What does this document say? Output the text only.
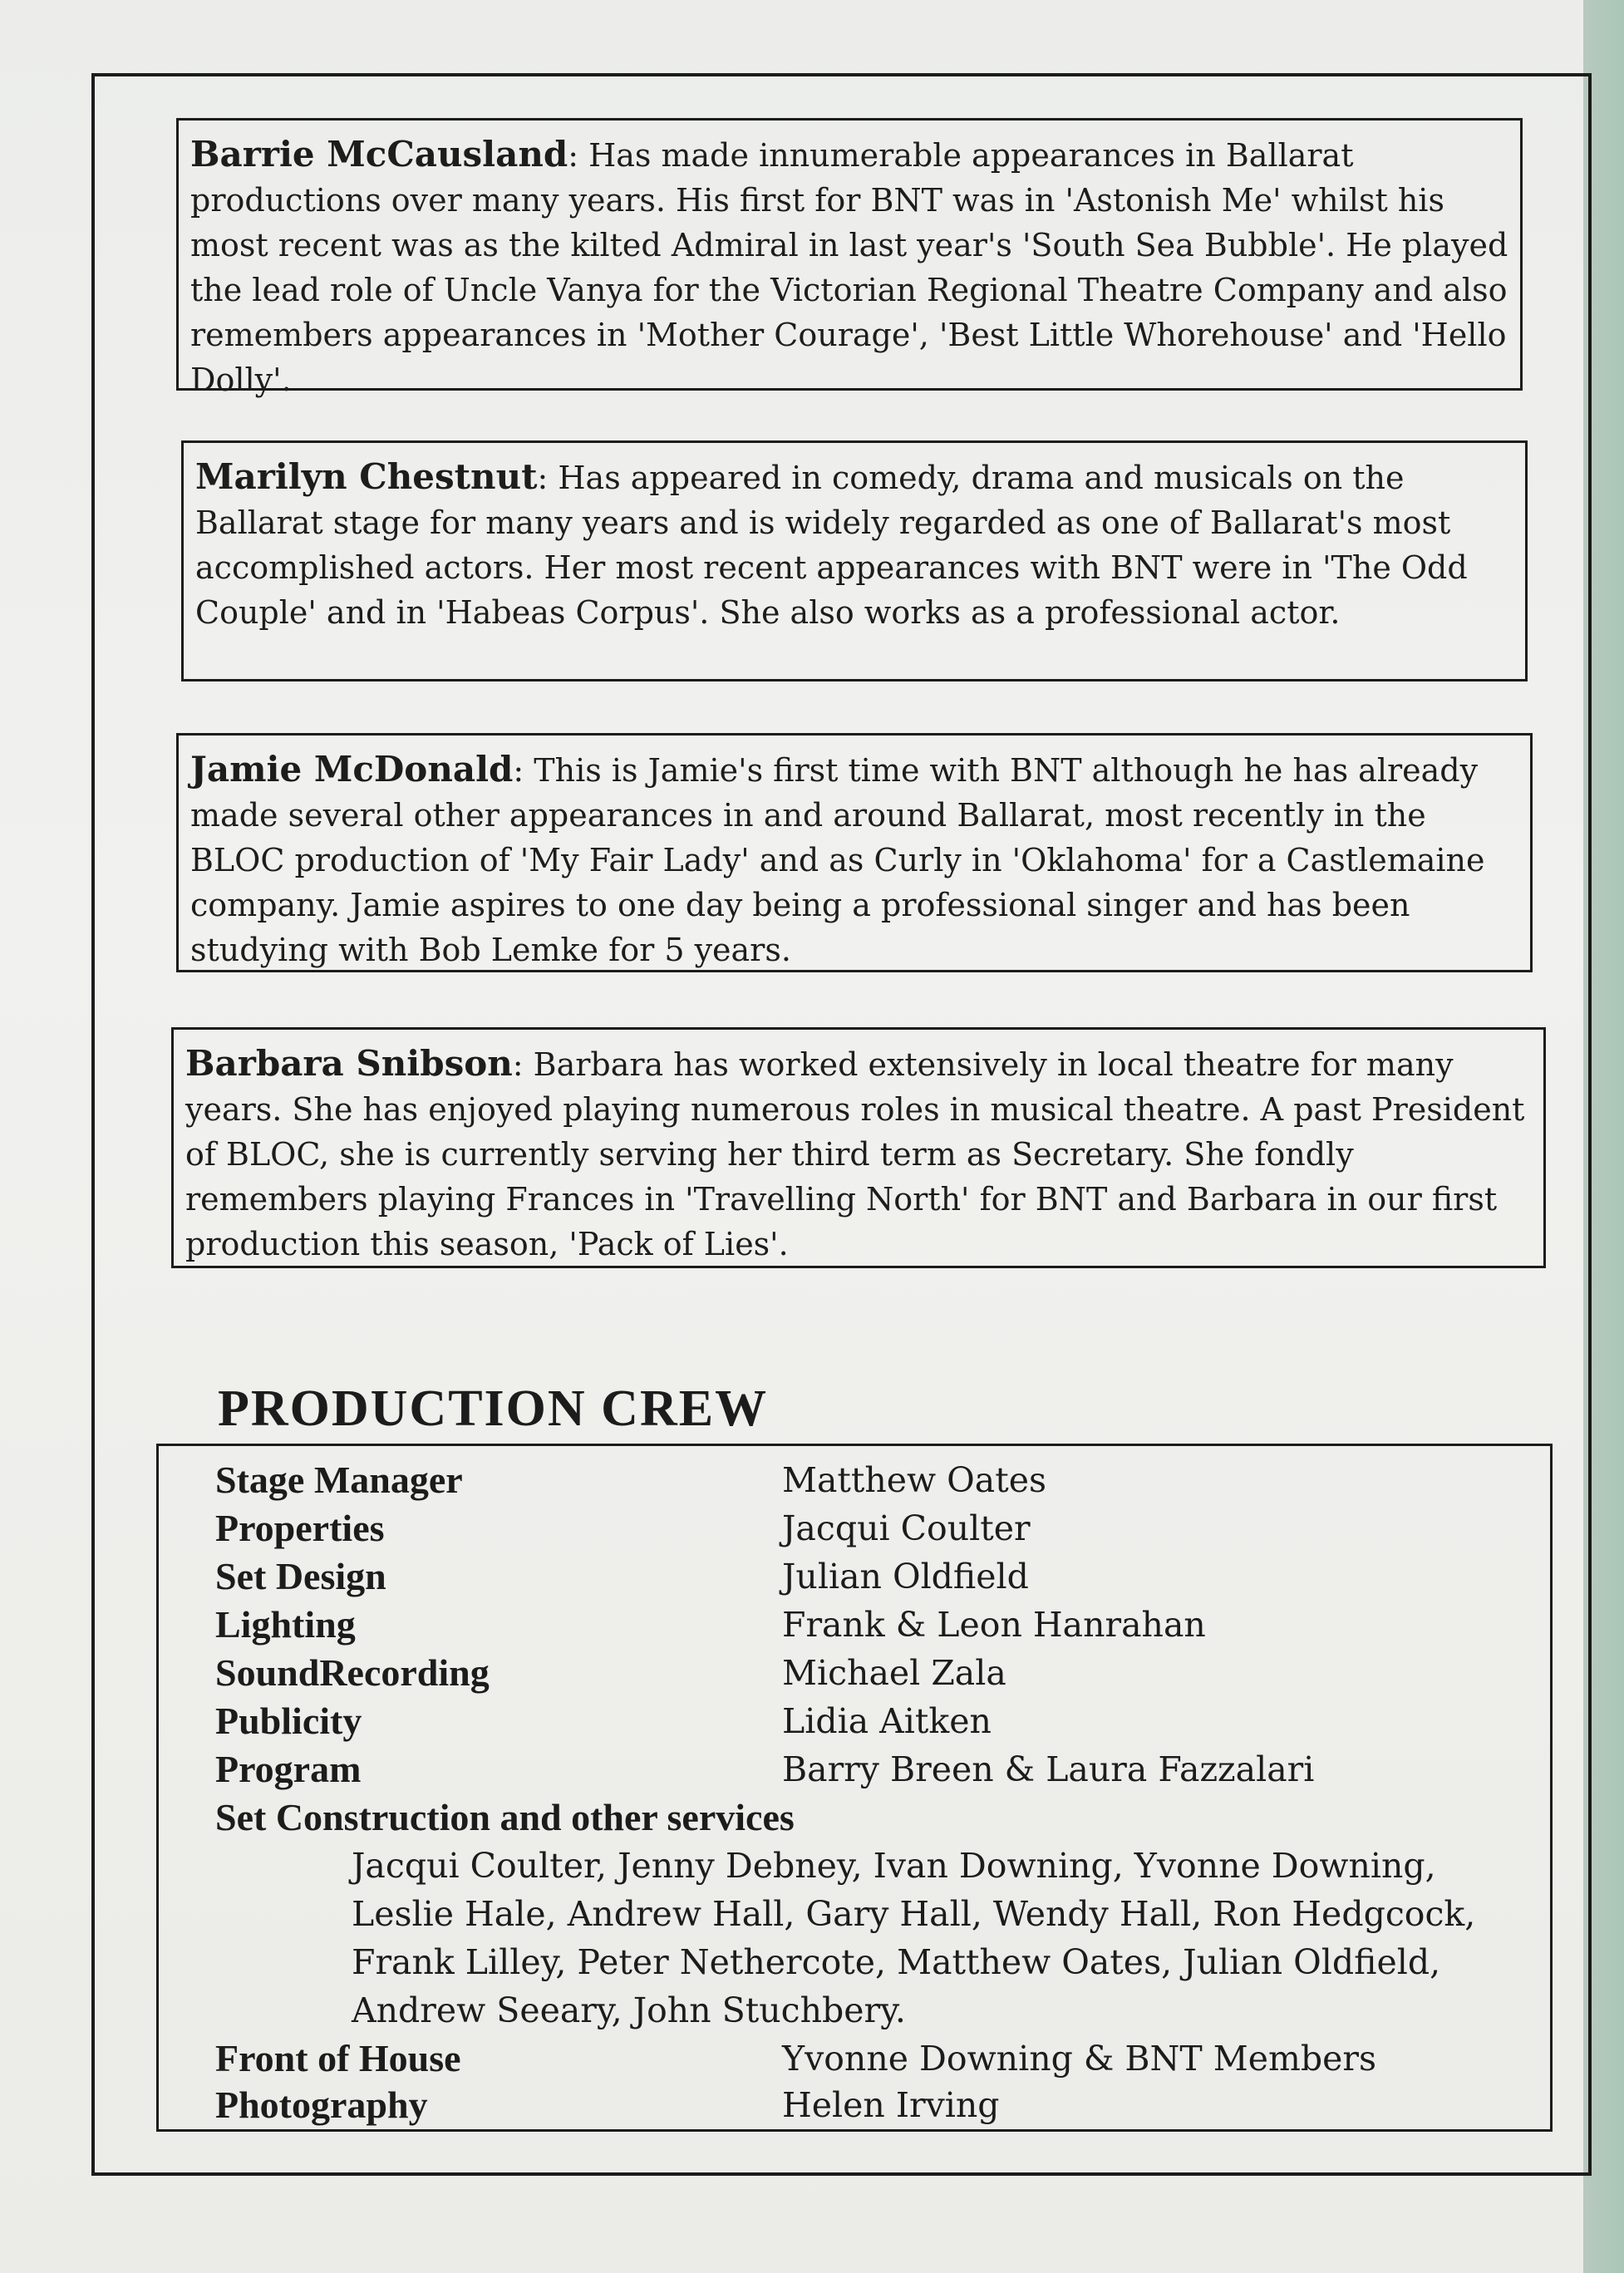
Barrie McCausland: Has made innumerable appearances in Ballarat productions over many years. His first for BNT was in 'Astonish Me' whilst his most recent was as the kilted Admiral in last year's 'South Sea Bubble'. He played the lead role of Uncle Vanya for the Victorian Regional Theatre Company and also remembers appearances in 'Mother Courage', 'Best Little Whorehouse' and 'Hello Dolly'.
Marilyn Chestnut: Has appeared in comedy, drama and musicals on the Ballarat stage for many years and is widely regarded as one of Ballarat's most accomplished actors. Her most recent appearances with BNT were in 'The Odd Couple' and in 'Habeas Corpus'. She also works as a professional actor.
Jamie McDonald: This is Jamie's first time with BNT although he has already made several other appearances in and around Ballarat, most recently in the BLOC production of 'My Fair Lady' and as Curly in 'Oklahoma' for a Castlemaine company. Jamie aspires to one day being a professional singer and has been studying with Bob Lemke for 5 years.
Barbara Snibson: Barbara has worked extensively in local theatre for many years. She has enjoyed playing numerous roles in musical theatre. A past President of BLOC, she is currently serving her third term as Secretary. She fondly remembers playing Frances in 'Travelling North' for BNT and Barbara in our first production this season, 'Pack of Lies'.
PRODUCTION CREW
Stage Manager	Matthew Oates
Properties	Jacqui Coulter
Set Design	Julian Oldfield
Lighting	Frank & Leon Hanrahan
SoundRecording	Michael Zala
Publicity	Lidia Aitken
Program	Barry Breen & Laura Fazzalari
Set Construction and other services
Jacqui Coulter, Jenny Debney, Ivan Downing, Yvonne Downing, Leslie Hale, Andrew Hall, Gary Hall, Wendy Hall, Ron Hedgcock, Frank Lilley, Peter Nethercote, Matthew Oates, Julian Oldfield, Andrew Seeary, John Stuchbery.
Front of House	Yvonne Downing & BNT Members
Photography	Helen Irving
